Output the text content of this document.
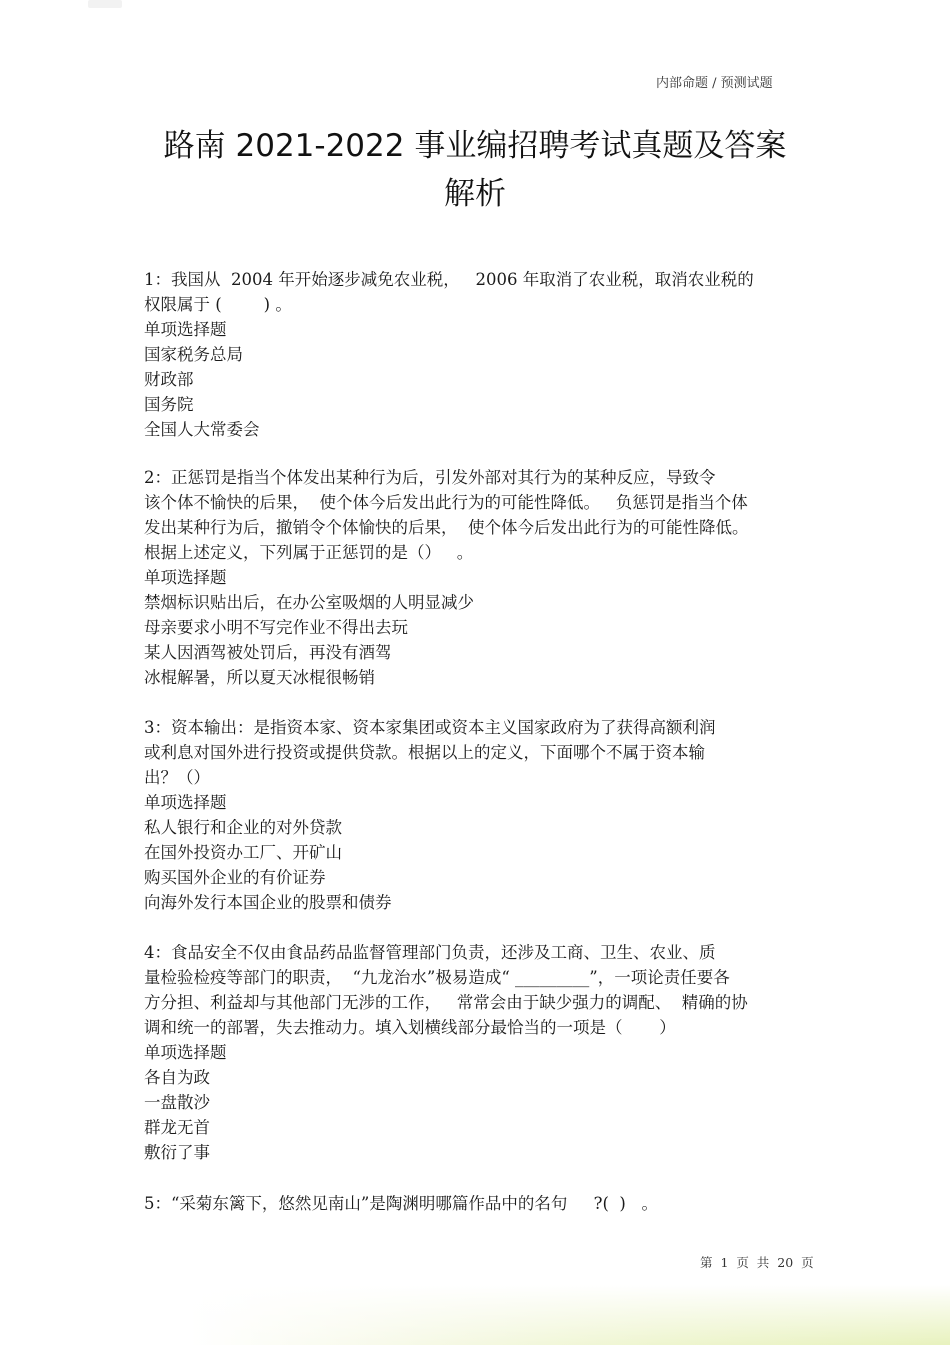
内部命题 / 预测试题
路南 2021-2022 事业编招聘考试真题及答案
解析
1：我国从  2004 年开始逐步减免农业税，   2006 年取消了农业税，取消农业税的
权限属于 (        ) 。
单项选择题
国家税务总局
财政部
国务院
全国人大常委会
2：正惩罚是指当个体发出某种行为后，引发外部对其行为的某种反应，导致令
该个体不愉快的后果，  使个体今后发出此行为的可能性降低。   负惩罚是指当个体
发出某种行为后，撤销令个体愉快的后果，  使个体今后发出此行为的可能性降低。
根据上述定义，下列属于正惩罚的是（）   。
单项选择题
禁烟标识贴出后，在办公室吸烟的人明显减少
母亲要求小明不写完作业不得出去玩
某人因酒驾被处罚后，再没有酒驾
冰棍解暑，所以夏天冰棍很畅销
3：资本输出：是指资本家、资本家集团或资本主义国家政府为了获得高额利润
或利息对国外进行投资或提供贷款。根据以上的定义，下面哪个不属于资本输
出？（）
单项选择题
私人银行和企业的对外贷款
在国外投资办工厂、开矿山
购买国外企业的有价证券
向海外发行本国企业的股票和债券
4：食品安全不仅由食品药品监督管理部门负责，还涉及工商、卫生、农业、质
量检验检疫等部门的职责，  “九龙治水”极易造成“ _________”，一项论责任要各
方分担、利益却与其他部门无涉的工作，   常常会由于缺少强力的调配、  精确的协
调和统一的部署，失去推动力。填入划横线部分最恰当的一项是（       ）
单项选择题
各自为政
一盘散沙
群龙无首
敷衍了事
5：“采菊东篱下，悠然见南山”是陶渊明哪篇作品中的名句     ?(  )   。
第  1  页  共  20  页
